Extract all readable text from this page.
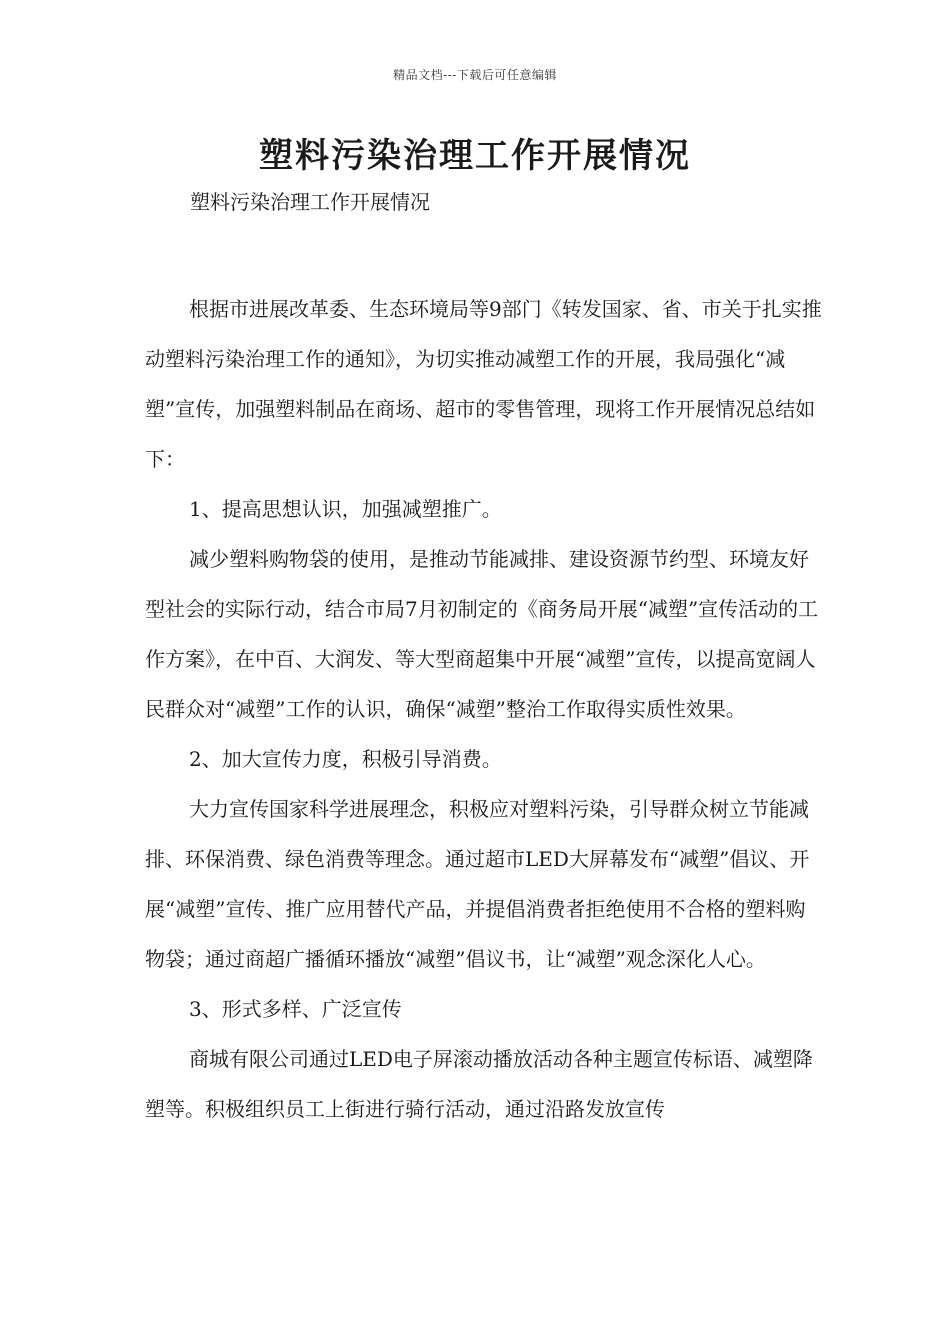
精品文档---下载后可任意编辑
塑料污染治理工作开展情况
塑料污染治理工作开展情况

根据市进展改革委、生态环境局等9部门《转发国家、省、市关于扎实推动塑料污染治理工作的通知》，为切实推动减塑工作的开展，我局强化“减塑”宣传，加强塑料制品在商场、超市的零售管理，现将工作开展情况总结如下：

1、提高思想认识，加强减塑推广。

减少塑料购物袋的使用，是推动节能减排、建设资源节约型、环境友好型社会的实际行动，结合市局7月初制定的《商务局开展“减塑”宣传活动的工作方案》，在中百、大润发、等大型商超集中开展“减塑”宣传，以提高宽阔人民群众对“减塑”工作的认识，确保“减塑”整治工作取得实质性效果。

2、加大宣传力度，积极引导消费。

大力宣传国家科学进展理念，积极应对塑料污染，引导群众树立节能减排、环保消费、绿色消费等理念。通过超市LED大屏幕发布“减塑”倡议、开展“减塑”宣传、推广应用替代产品，并提倡消费者拒绝使用不合格的塑料购物袋；通过商超广播循环播放“减塑”倡议书，让“减塑”观念深化人心。

3、形式多样、广泛宣传

商城有限公司通过LED电子屏滚动播放活动各种主题宣传标语、减塑降塑等。积极组织员工上街进行骑行活动，通过沿路发放宣传
